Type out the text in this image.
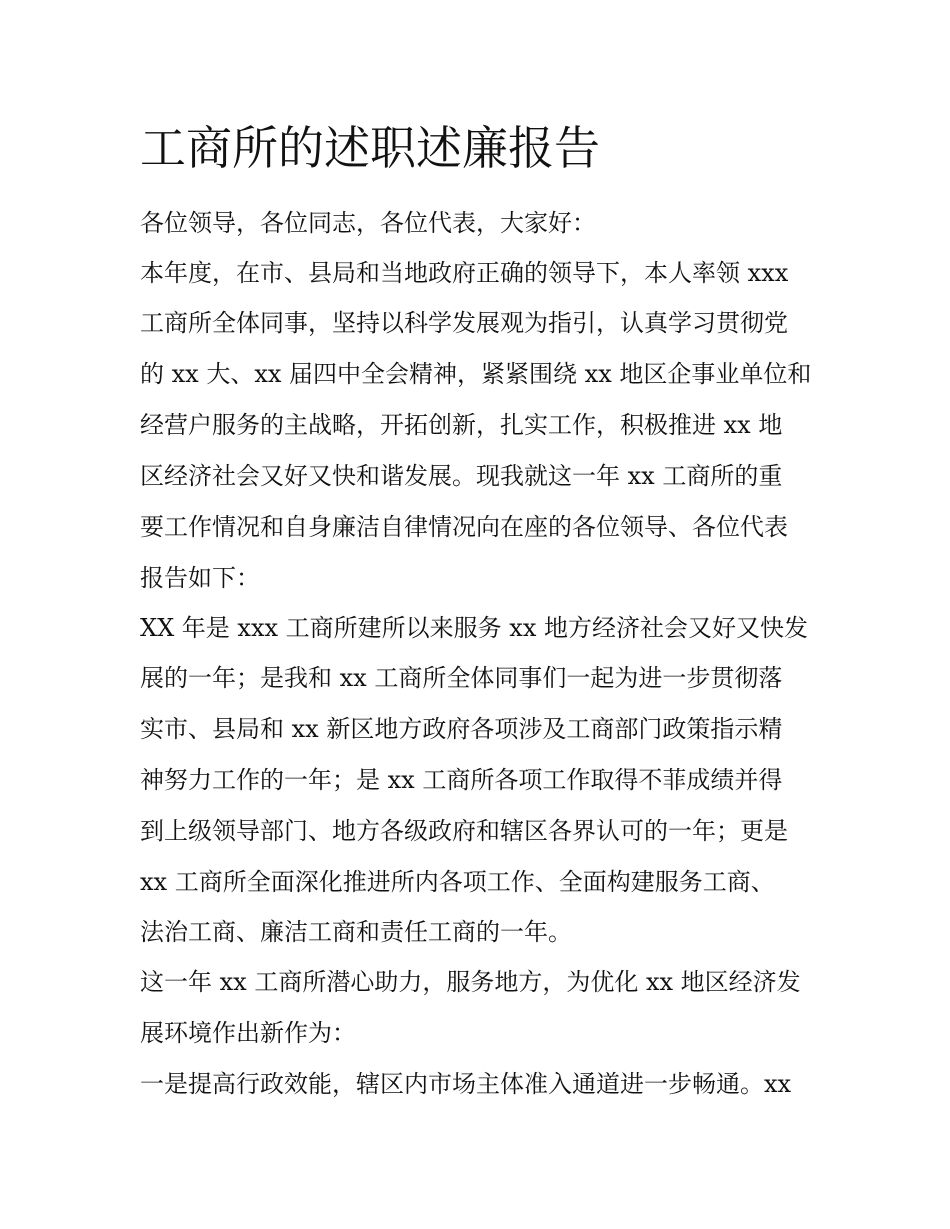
工商所的述职述廉报告

各位领导，各位同志，各位代表，大家好：

本年度，在市、县局和当地政府正确的领导下，本人率领 xxx

工商所全体同事，坚持以科学发展观为指引，认真学习贯彻党

的 xx 大、xx 届四中全会精神，紧紧围绕 xx 地区企事业单位和

经营户服务的主战略，开拓创新，扎实工作，积极推进 xx 地

区经济社会又好又快和谐发展。现我就这一年 xx 工商所的重

要工作情况和自身廉洁自律情况向在座的各位领导、各位代表

报告如下：

XX 年是 xxx 工商所建所以来服务 xx 地方经济社会又好又快发

展的一年；是我和 xx 工商所全体同事们一起为进一步贯彻落

实市、县局和 xx 新区地方政府各项涉及工商部门政策指示精

神努力工作的一年；是 xx 工商所各项工作取得不菲成绩并得

到上级领导部门、地方各级政府和辖区各界认可的一年；更是

xx 工商所全面深化推进所内各项工作、全面构建服务工商、

法治工商、廉洁工商和责任工商的一年。

这一年 xx 工商所潜心助力，服务地方，为优化 xx 地区经济发

展环境作出新作为：

一是提高行政效能，辖区内市场主体准入通道进一步畅通。xx
